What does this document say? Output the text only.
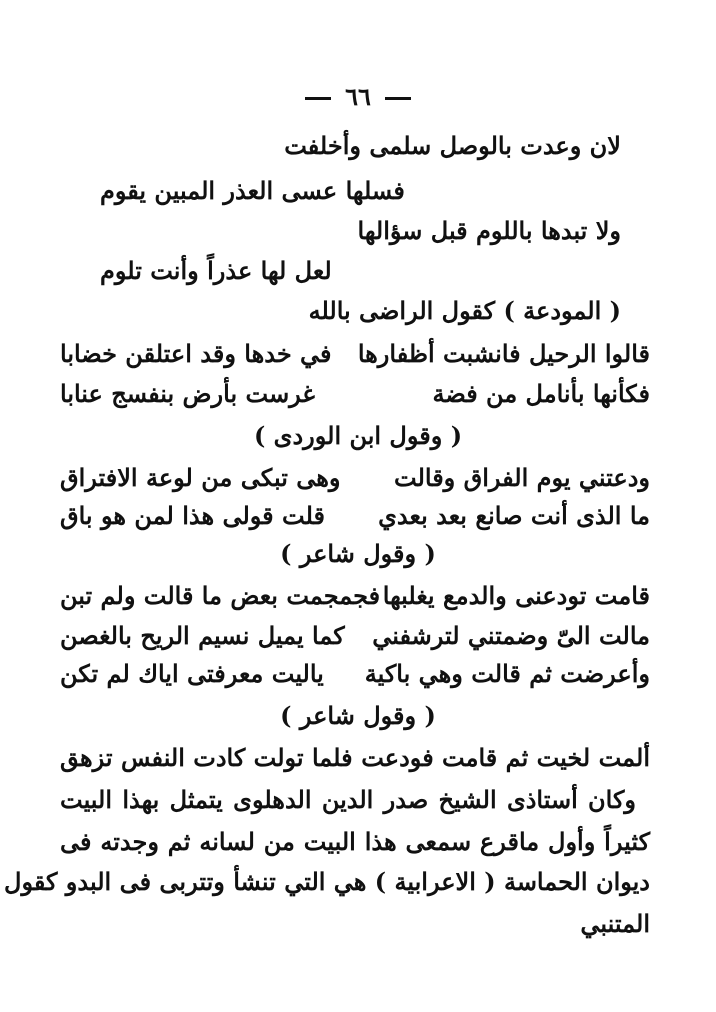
٦٦
لان وعدت بالوصل سلمى وأخلفت
فسلها عسى العذر المبين يقوم
ولا تبدها باللوم قبل سؤالها
لعل لها عذراً وأنت تلوم
( المودعة ) كقول الراضى بالله
قالوا الرحيل فانشبت أظفارها
في خدها وقد اعتلقن خضابا
فكأنها بأنامل من فضة
غرست بأرض بنفسج عنابا
( وقول ابن الوردى )
ودعتني يوم الفراق وقالت
وهى تبكى من لوعة الافتراق
ما الذى أنت صانع بعد بعدي
قلت قولى هذا لمن هو باق
( وقول شاعر )
قامت تودعنى والدمع يغلبها
فجمجمت بعض ما قالت ولم تبن
مالت الىّ وضمتني لترشفني
كما يميل نسيم الريح بالغصن
وأعرضت ثم قالت وهي باكية
ياليت معرفتى اياك لم تكن
( وقول شاعر )
ألمت لخيت ثم قامت فودعت
فلما تولت كادت النفس تزهق
وكان أستاذى الشيخ صدر الدين الدهلوى يتمثل بهذا البيت
كثيراً وأول ماقرع سمعى هذا البيت من لسانه ثم وجدته فى
ديوان الحماسة ( الاعرابية ) هي التي تنشأ وتتربى فى البدو كقول
المتنبي
